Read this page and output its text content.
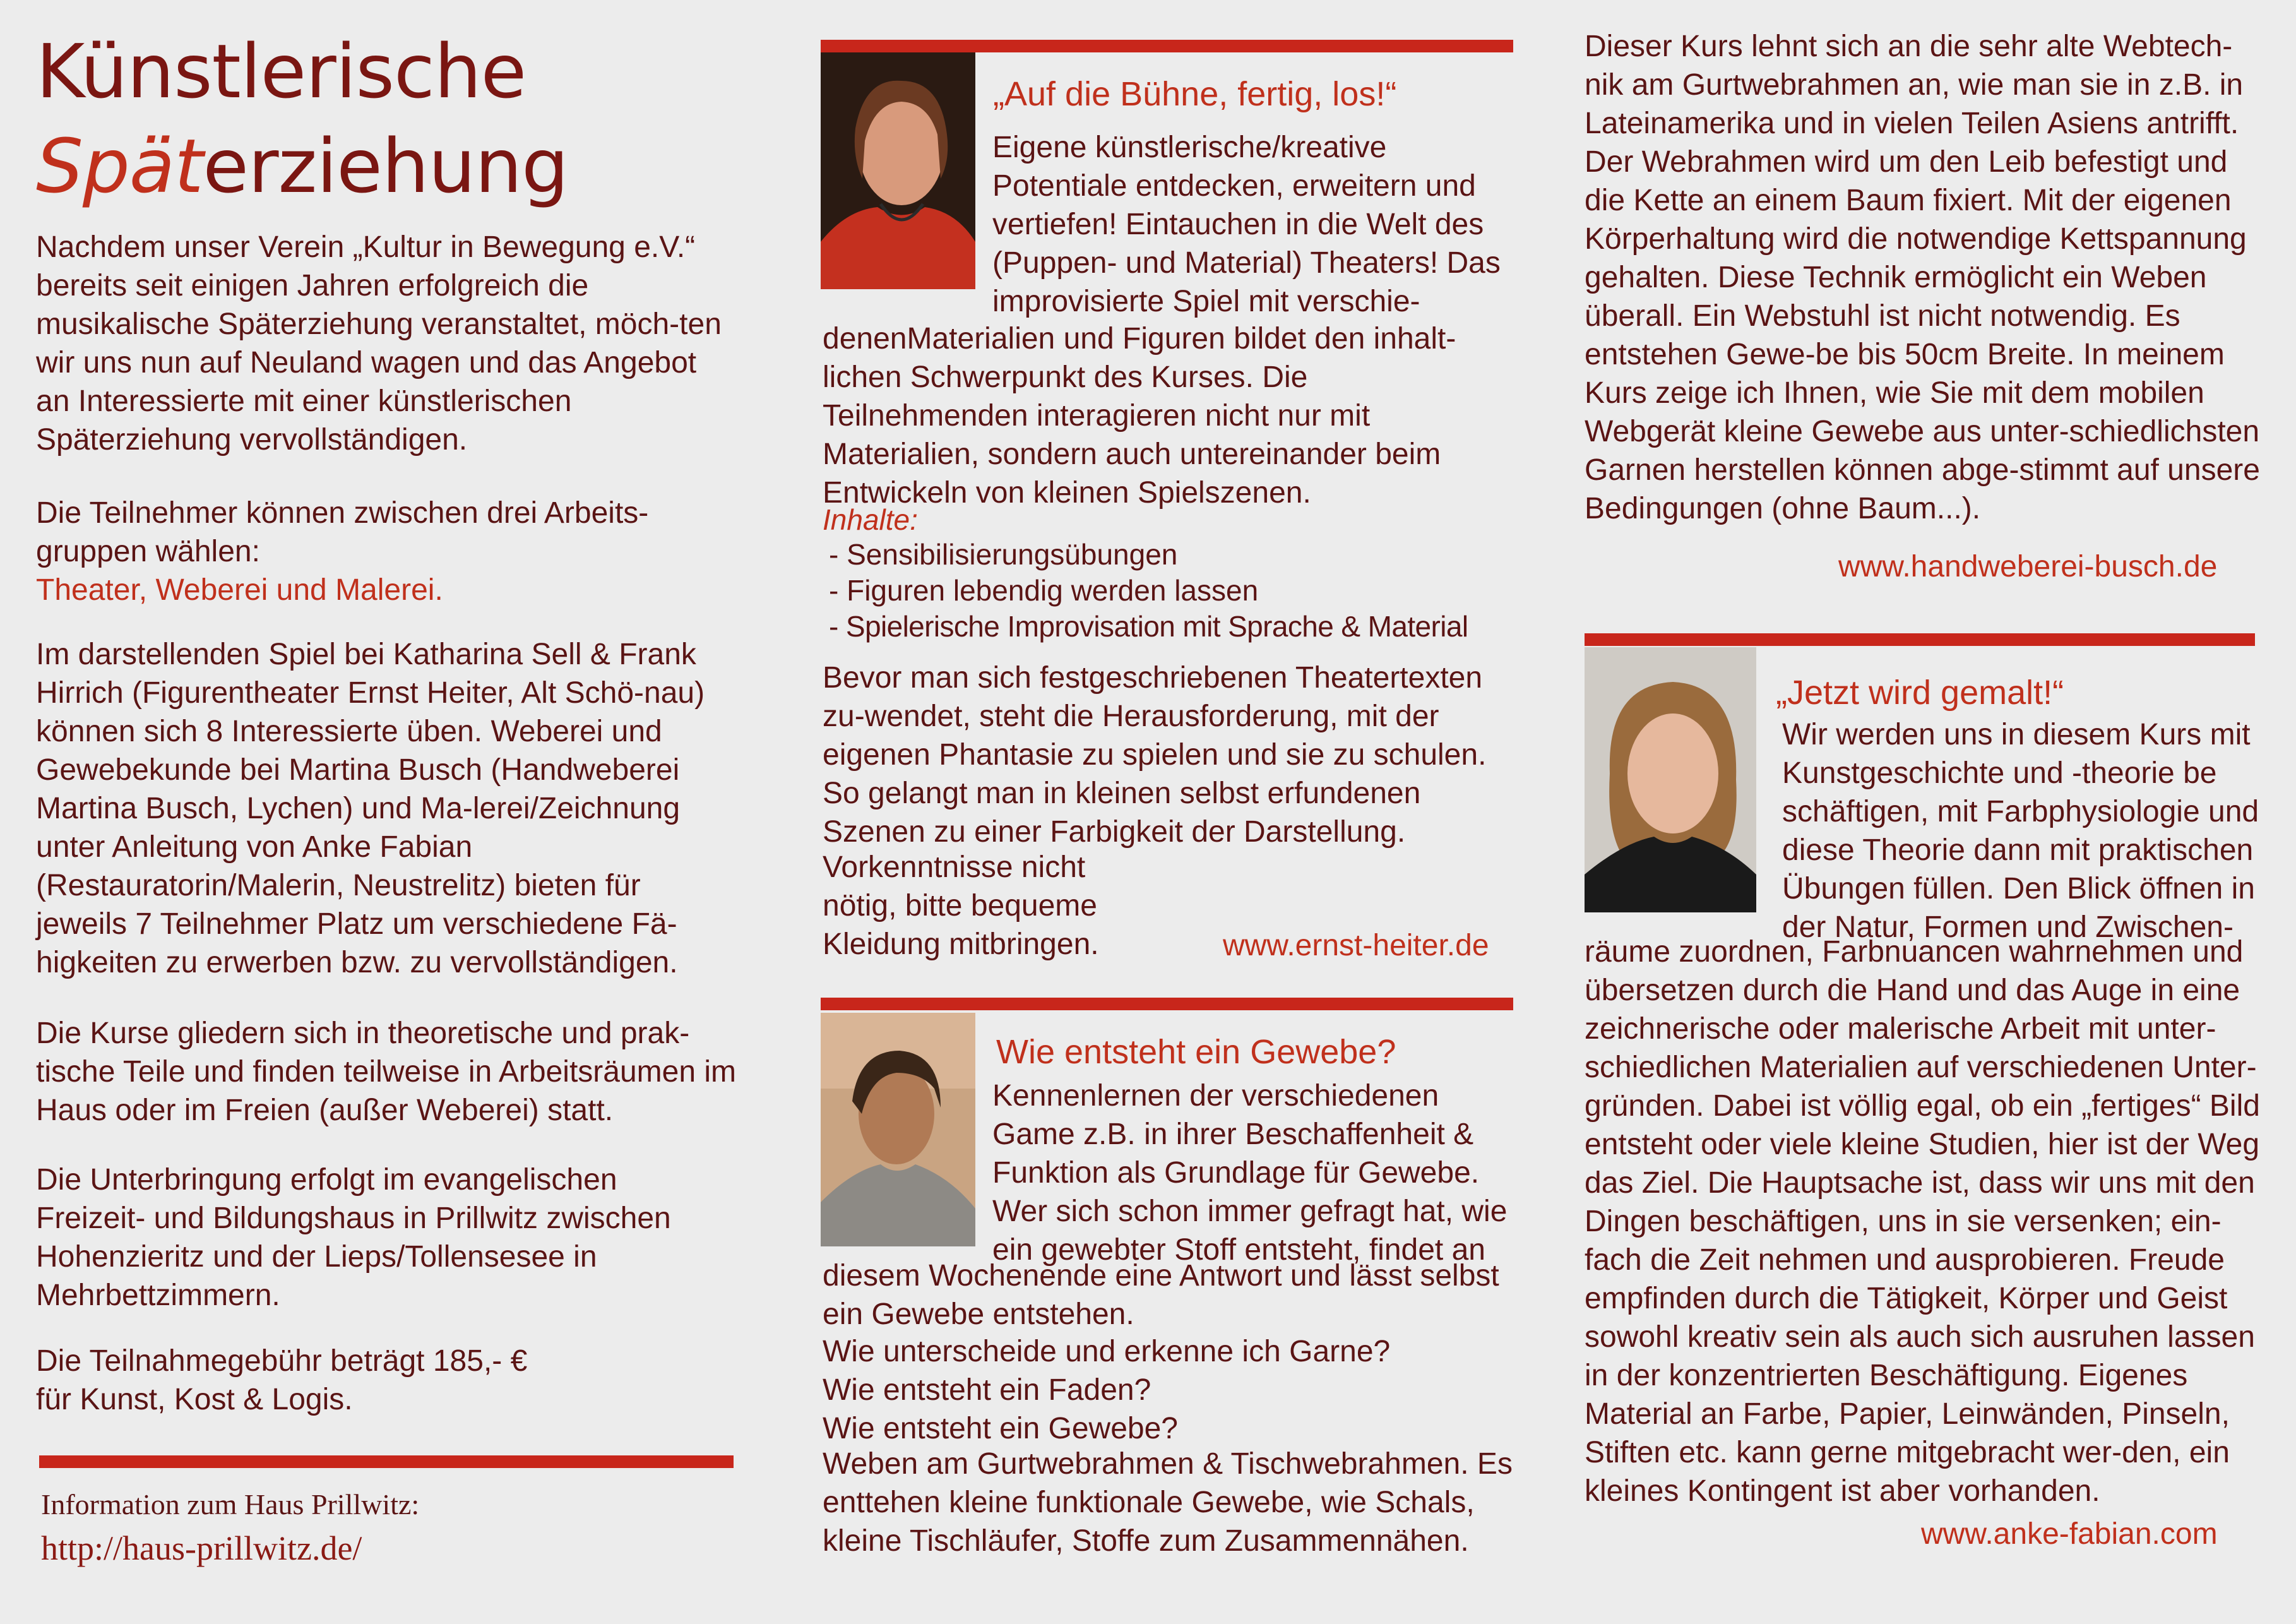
Künstlerische
Späterziehung

Nachdem unser Verein „Kultur in Bewegung e.V.“ bereits seit einigen Jahren erfolgreich die musikalische Späterziehung veranstaltet, möch-ten wir uns nun auf Neuland wagen und das Angebot an Interessierte mit einer künstlerischen Späterziehung vervollständigen.

Die Teilnehmer können zwischen drei Arbeits-gruppen wählen:

Theater, Weberei und Malerei.

Im darstellenden Spiel bei Katharina Sell & Frank Hirrich (Figurentheater Ernst Heiter, Alt Schö-nau) können sich 8 Interessierte üben. Weberei und Gewebekunde bei Martina Busch (Handweberei Martina Busch, Lychen) und Ma-lerei/Zeichnung unter Anleitung von Anke Fabian (Restauratorin/Malerin, Neustrelitz) bieten für jeweils 7 Teilnehmer Platz um verschiedene Fä-higkeiten zu erwerben bzw. zu vervollständigen.

Die Kurse gliedern sich in theoretische und prak-tische Teile und finden teilweise in Arbeitsräumen im Haus oder im Freien (außer Weberei) statt.

Die Unterbringung erfolgt im evangelischen Freizeit- und Bildungshaus in Prillwitz zwischen Hohenzieritz und der Lieps/Tollensesee in Mehrbettzimmern.

Die Teilnahmegebühr beträgt 185,- €

für Kunst, Kost & Logis.

Information zum Haus Prillwitz:
http://haus-prillwitz.de/
„Auf die Bühne, fertig, los!“
Eigene künstlerische/kreative Potentiale entdecken, erweitern und vertiefen! Eintauchen in die Welt des (Puppen- und Material) Theaters! Das improvisierte Spiel mit verschie-
denenMaterialien und Figuren bildet den inhalt-lichen Schwerpunkt des Kurses. Die Teilnehmenden interagieren nicht nur mit Materialien, sondern auch untereinander beim Entwickeln von kleinen Spielszenen.
Inhalte:
- Sensibilisierungsübungen
- Figuren lebendig werden lassen
- Spielerische Improvisation mit Sprache & Material
Bevor man sich festgeschriebenen Theatertexten zu-wendet, steht die Herausforderung, mit der eigenen Phantasie zu spielen und sie zu schulen. So gelangt man in kleinen selbst erfundenen Szenen zu einer Farbigkeit der Darstellung.
Vorkenntnisse nicht nötig, bitte bequeme Kleidung mitbringen.	www.ernst-heiter.de
Wie entsteht ein Gewebe?
Kennenlernen der verschiedenen Game z.B. in ihrer Beschaffenheit & Funktion als Grundlage für Gewebe. Wer sich schon immer gefragt hat, wie ein gewebter Stoff entsteht, findet an
diesem Wochenende eine Antwort und lässt selbst ein Gewebe entstehen.

Wie unterscheide und erkenne ich Garne?

Wie entsteht ein Faden?

Wie entsteht ein Gewebe?

Weben am Gurtwebrahmen & Tischwebrahmen. Es enttehen kleine funktionale Gewebe, wie Schals, kleine Tischläufer, Stoffe zum Zusammennähen.
Dieser Kurs lehnt sich an die sehr alte Webtech-nik am Gurtwebrahmen an, wie man sie in z.B. in Lateinamerika und in vielen Teilen Asiens antrifft. Der Webrahmen wird um den Leib befestigt und die Kette an einem Baum fixiert. Mit der eigenen Körperhaltung wird die notwendige Kettspannung gehalten. Diese Technik ermöglicht ein Weben überall. Ein Webstuhl ist nicht notwendig. Es entstehen Gewe-be bis 50cm Breite. In meinem Kurs zeige ich Ihnen, wie Sie mit dem mobilen Webgerät kleine Gewebe aus unter-schiedlichsten Garnen herstellen können abge-stimmt auf unsere Bedingungen (ohne Baum...).
www.handweberei-busch.de
„Jetzt wird gemalt!“
Wir werden uns in diesem Kurs mit Kunstgeschichte und -theorie be schäftigen, mit Farbphysiologie und diese Theorie dann mit praktischen Übungen füllen. Den Blick öffnen in der Natur, Formen und Zwischen-
räume zuordnen, Farbnuancen wahrnehmen und übersetzen durch die Hand und das Auge in eine zeichnerische oder malerische Arbeit mit unter-schiedlichen Materialien auf verschiedenen Unter-gründen. Dabei ist völlig egal, ob ein „fertiges“ Bild entsteht oder viele kleine Studien, hier ist der Weg das Ziel. Die Hauptsache ist, dass wir uns mit den Dingen beschäftigen, uns in sie versenken; ein-fach die Zeit nehmen und ausprobieren. Freude empfinden durch die Tätigkeit, Körper und Geist sowohl kreativ sein als auch sich ausruhen lassen in der konzentrierten Beschäftigung. Eigenes Material an Farbe, Papier, Leinwänden, Pinseln, Stiften etc. kann gerne mitgebracht wer-den, ein kleines Kontingent ist aber vorhanden.
www.anke-fabian.com
